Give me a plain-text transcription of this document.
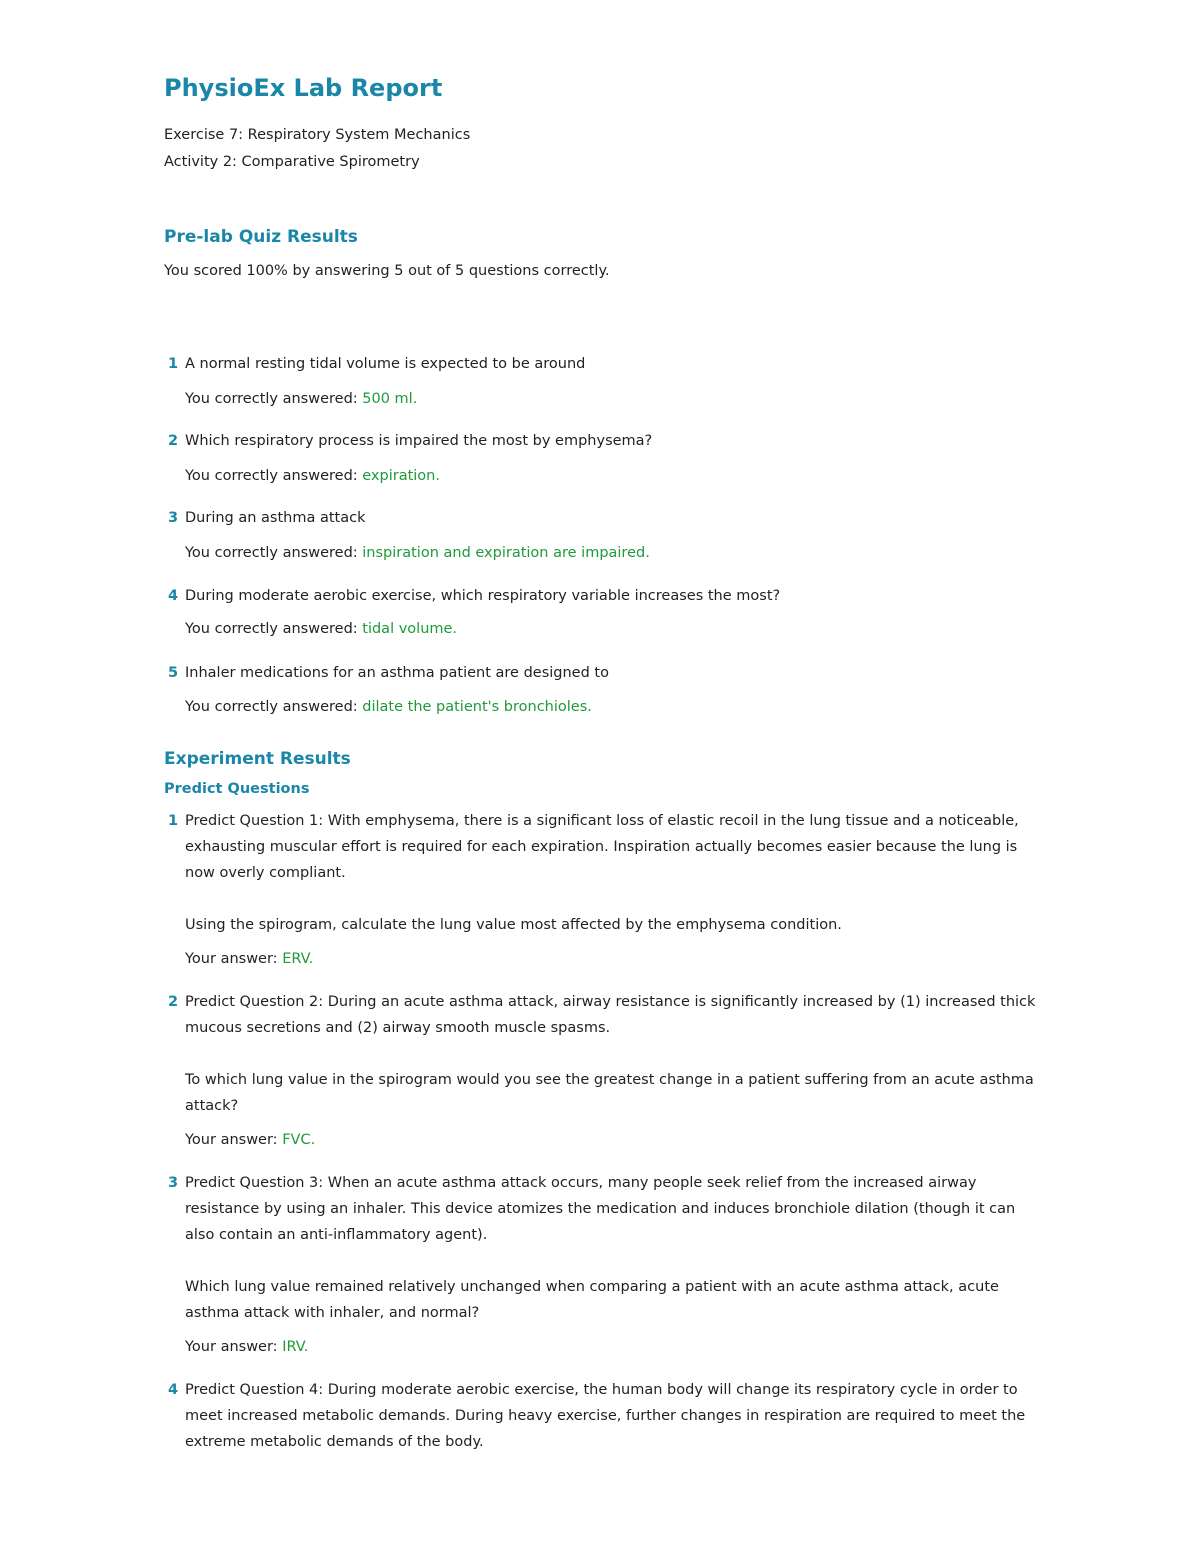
PhysioEx Lab Report

Exercise 7: Respiratory System Mechanics

Activity 2: Comparative Spirometry

Pre-lab Quiz Results

You scored 100% by answering 5 out of 5 questions correctly.

1 A normal resting tidal volume is expected to be around
You correctly answered: 500 ml.
2 Which respiratory process is impaired the most by emphysema?
You correctly answered: expiration.
3 During an asthma attack
You correctly answered: inspiration and expiration are impaired.
4 During moderate aerobic exercise, which respiratory variable increases the most?
You correctly answered: tidal volume.
5 Inhaler medications for an asthma patient are designed to
You correctly answered: dilate the patient's bronchioles.
Experiment Results
Predict Questions
1 Predict Question 1: With emphysema, there is a significant loss of elastic recoil in the lung tissue and a noticeable, exhausting muscular effort is required for each expiration. Inspiration actually becomes easier because the lung is now overly compliant.
Using the spirogram, calculate the lung value most affected by the emphysema condition.
Your answer: ERV.
2 Predict Question 2: During an acute asthma attack, airway resistance is significantly increased by (1) increased thick mucous secretions and (2) airway smooth muscle spasms.
To which lung value in the spirogram would you see the greatest change in a patient suffering from an acute asthma attack?
Your answer: FVC.
3 Predict Question 3: When an acute asthma attack occurs, many people seek relief from the increased airway resistance by using an inhaler. This device atomizes the medication and induces bronchiole dilation (though it can also contain an anti-inflammatory agent).
Which lung value remained relatively unchanged when comparing a patient with an acute asthma attack, acute asthma attack with inhaler, and normal?
Your answer: IRV.
4 Predict Question 4: During moderate aerobic exercise, the human body will change its respiratory cycle in order to meet increased metabolic demands. During heavy exercise, further changes in respiration are required to meet the extreme metabolic demands of the body.
